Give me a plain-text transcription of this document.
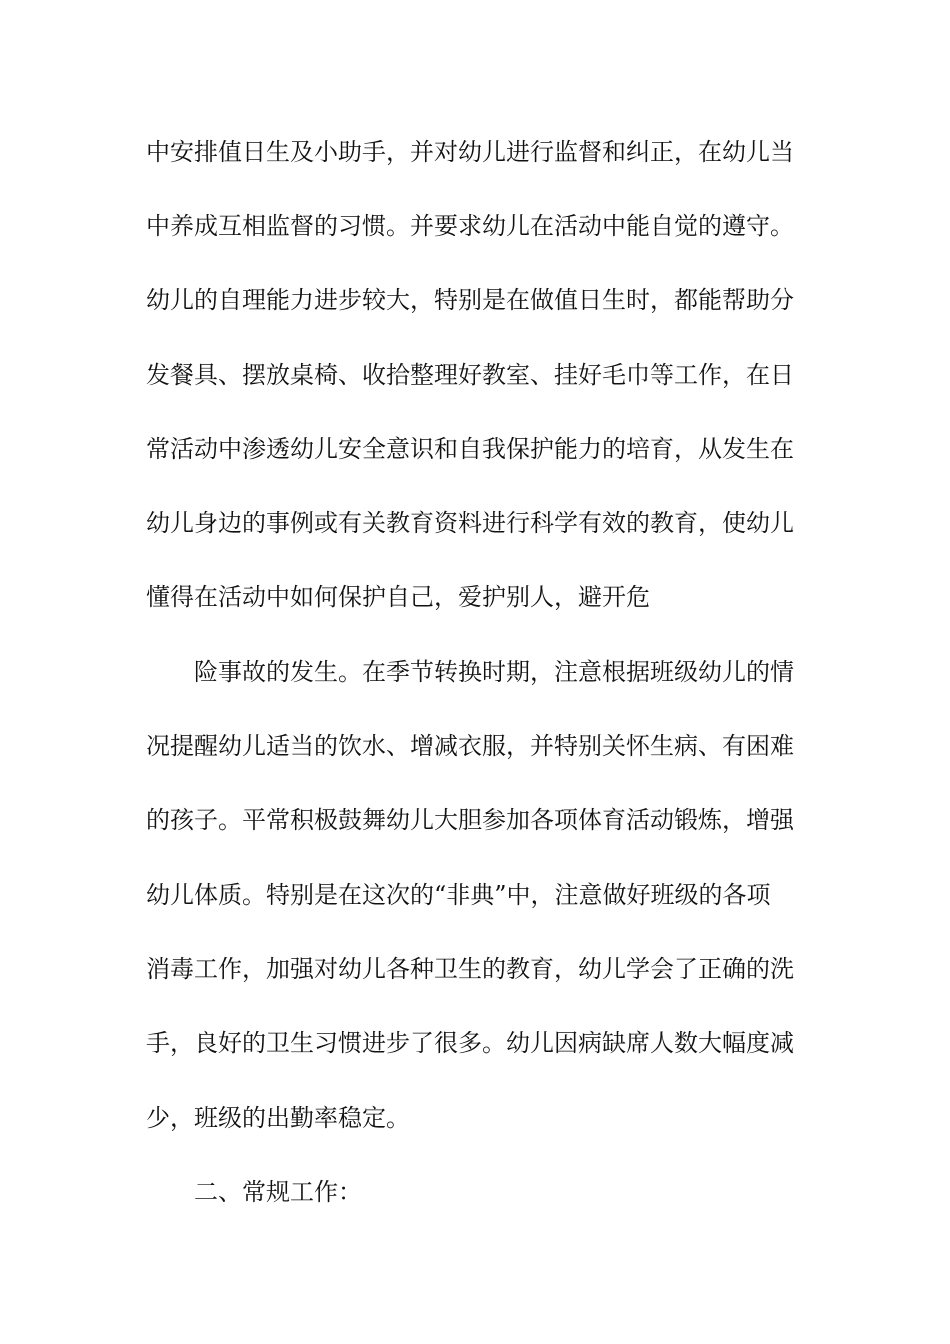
中安排值日生及小助手，并对幼儿进行监督和纠正，在幼儿当
中养成互相监督的习惯。并要求幼儿在活动中能自觉的遵守。
幼儿的自理能力进步较大，特别是在做值日生时，都能帮助分
发餐具、摆放桌椅、收拾整理好教室、挂好毛巾等工作，在日
常活动中渗透幼儿安全意识和自我保护能力的培育，从发生在
幼儿身边的事例或有关教育资料进行科学有效的教育，使幼儿
懂得在活动中如何保护自己，爱护别人，避开危
险事故的发生。在季节转换时期，注意根据班级幼儿的情
况提醒幼儿适当的饮水、增减衣服，并特别关怀生病、有困难
的孩子。平常积极鼓舞幼儿大胆参加各项体育活动锻炼，增强
幼儿体质。特别是在这次的“非典”中，注意做好班级的各项
消毒工作，加强对幼儿各种卫生的教育，幼儿学会了正确的洗
手，良好的卫生习惯进步了很多。幼儿因病缺席人数大幅度减
少，班级的出勤率稳定。
二、常规工作：
